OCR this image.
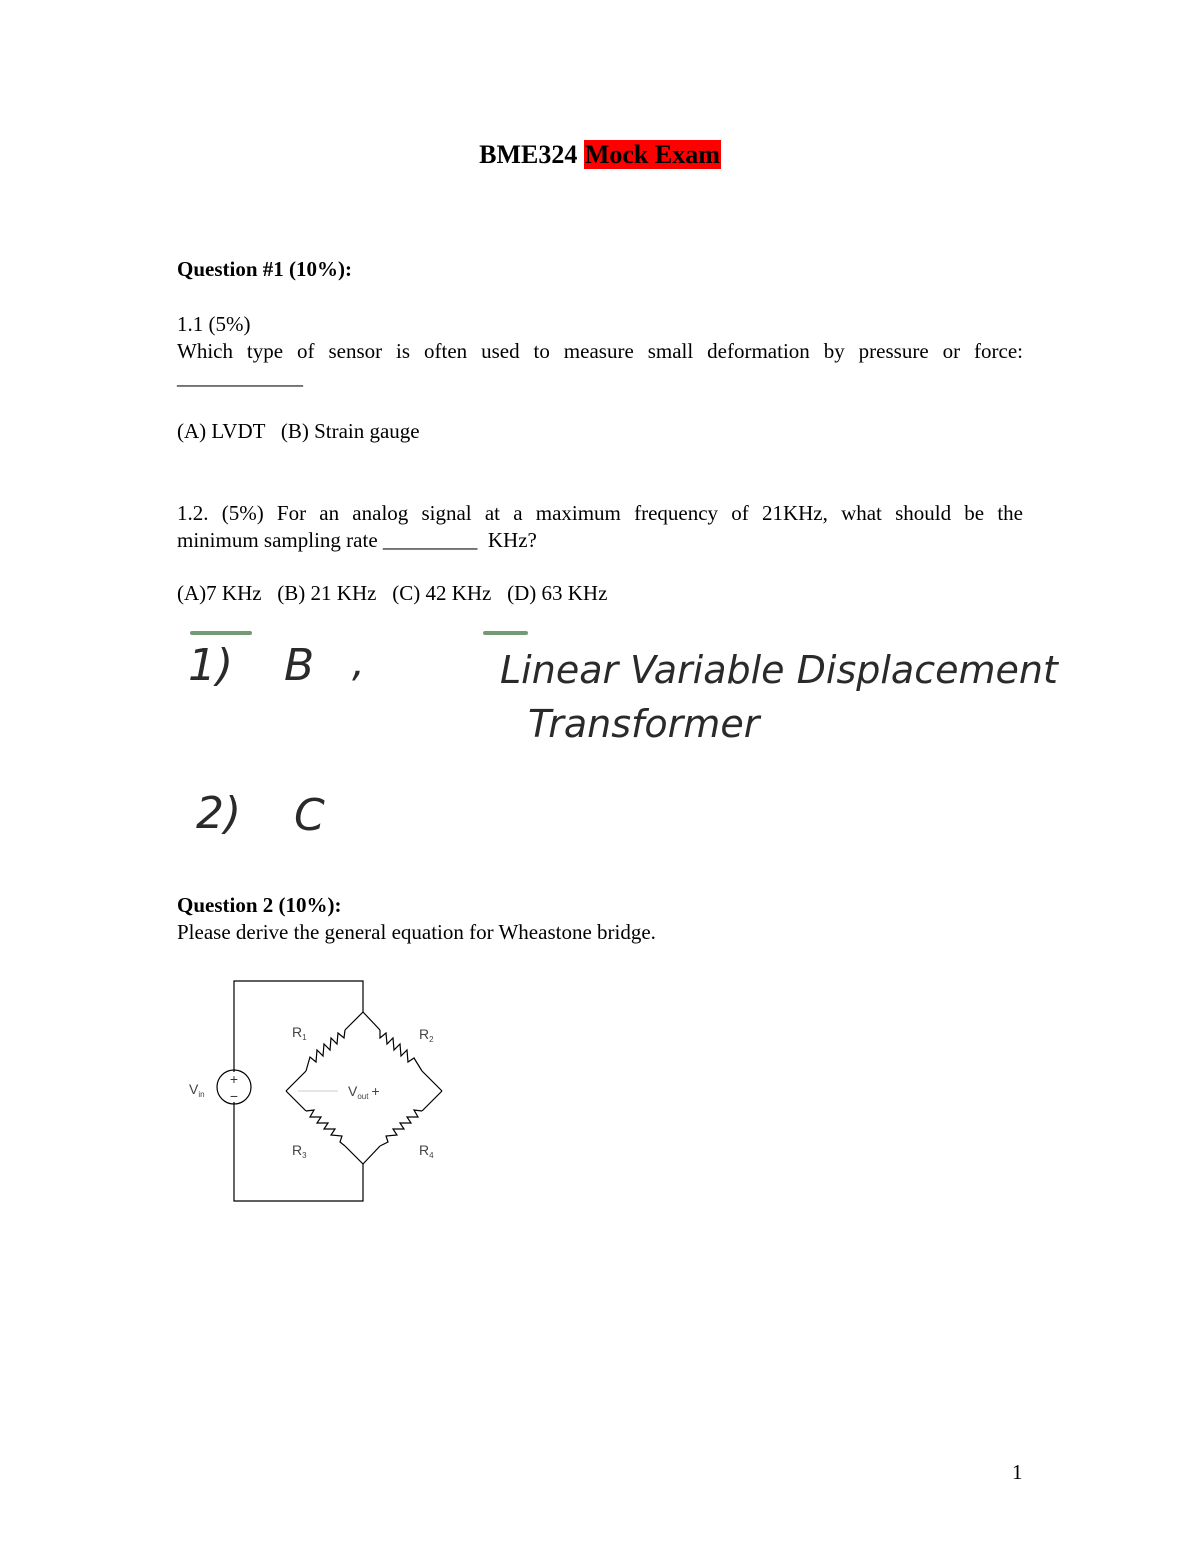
BME324 Mock Exam
Question #1 (10%):
1.1 (5%)
Which type of sensor is often used to measure small deformation by pressure or force:
____________
(A) LVDT   (B) Strain gauge
1.2. (5%) For an analog signal at a maximum frequency of 21KHz, what should be the
minimum sampling rate _________  KHz?
(A)7 KHz   (B) 21 KHz   (C) 42 KHz   (D) 63 KHz
1) B ,	Linear Variable Displacement
Transformer
2) C
Question 2 (10%):
Please derive the general equation for Wheastone bridge.
+
−
$V_{in}$
$R_1$	$R_2$
$R_3$	$R_4$
$V_{out}$ +
1
